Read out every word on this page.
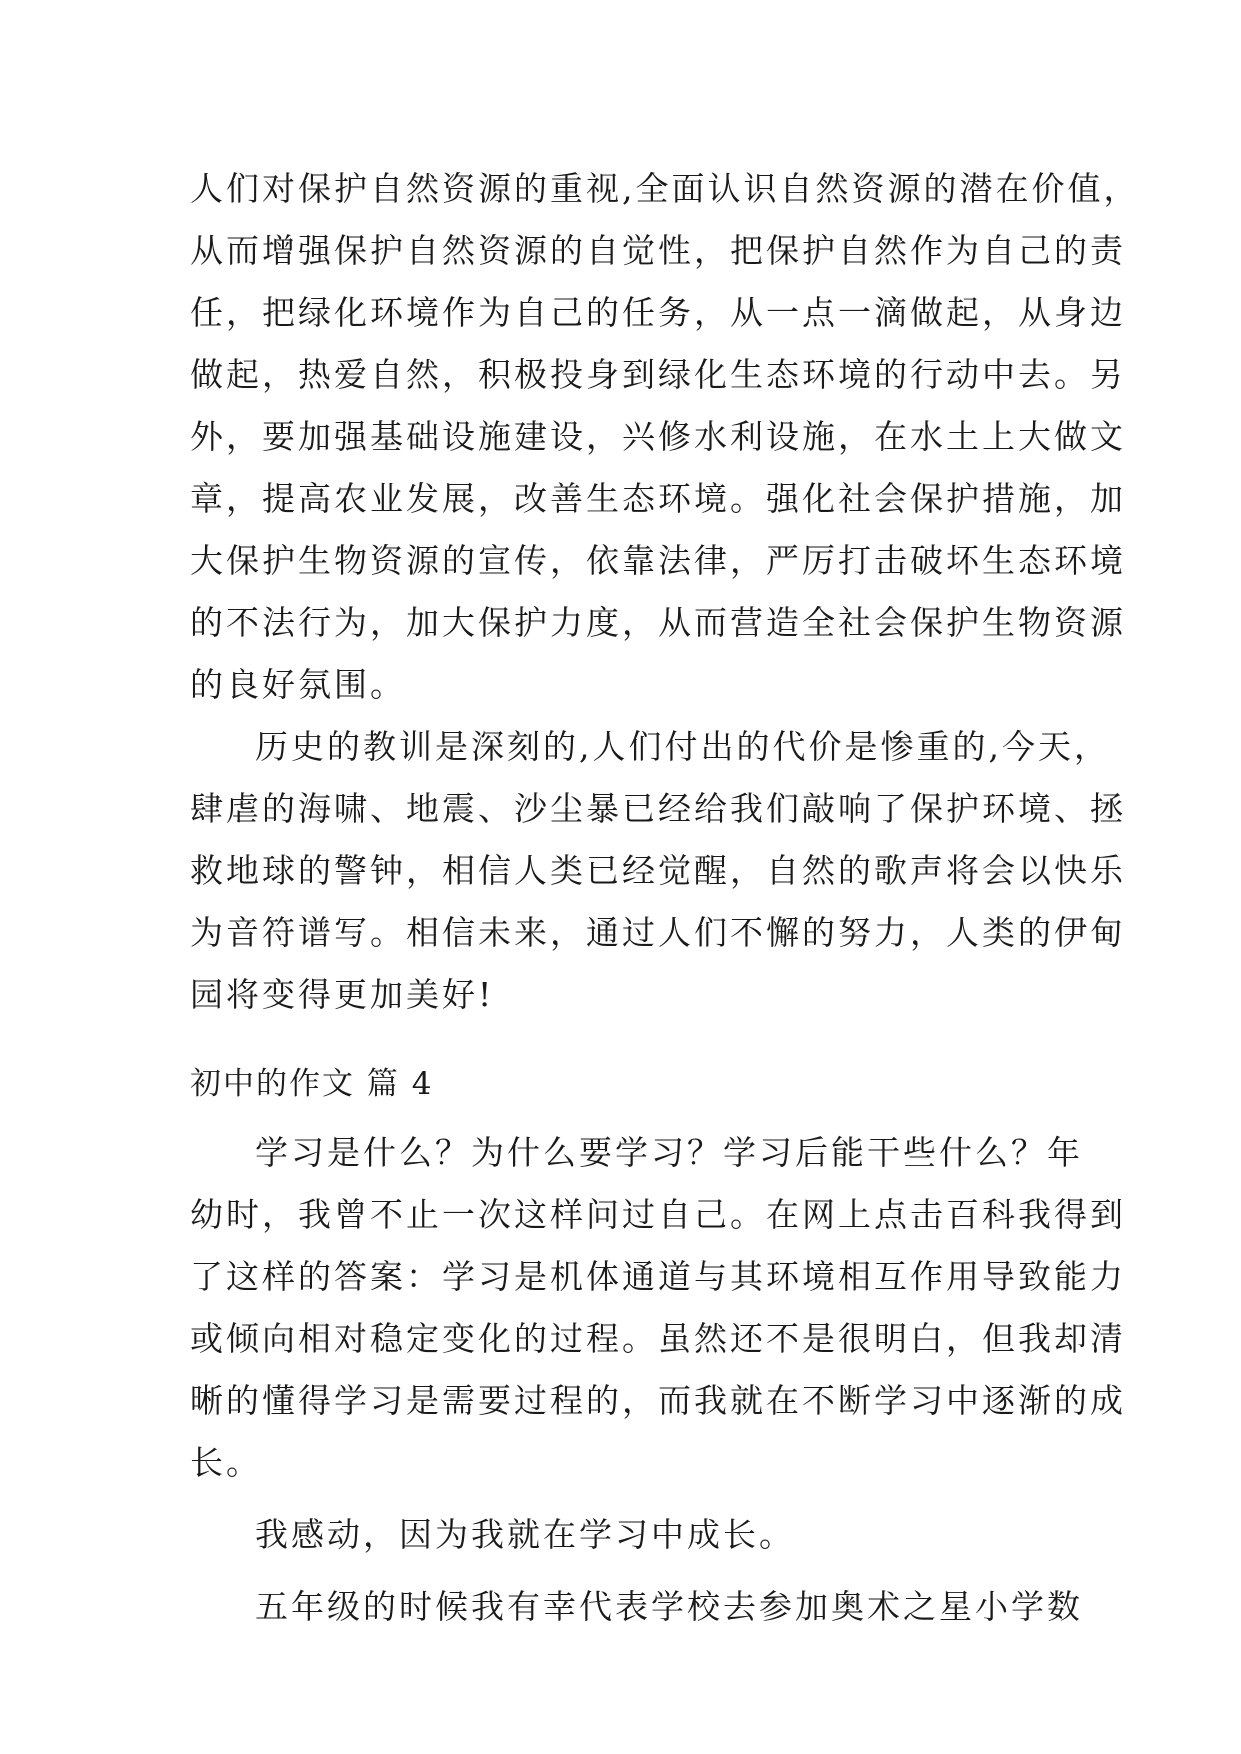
人们对保护自然资源的重视,全面认识自然资源的潜在价值，
从而增强保护自然资源的自觉性，把保护自然作为自己的责
任，把绿化环境作为自己的任务，从一点一滴做起，从身边
做起，热爱自然，积极投身到绿化生态环境的行动中去。另
外，要加强基础设施建设，兴修水利设施，在水土上大做文
章，提高农业发展，改善生态环境。强化社会保护措施，加
大保护生物资源的宣传，依靠法律，严厉打击破坏生态环境
的不法行为，加大保护力度，从而营造全社会保护生物资源
的良好氛围。
历史的教训是深刻的,人们付出的代价是惨重的,今天，
肆虐的海啸、地震、沙尘暴已经给我们敲响了保护环境、拯
救地球的警钟，相信人类已经觉醒，自然的歌声将会以快乐
为音符谱写。相信未来，通过人们不懈的努力，人类的伊甸
园将变得更加美好!
初中的作文 篇 4
学习是什么？为什么要学习？学习后能干些什么？年
幼时，我曾不止一次这样问过自己。在网上点击百科我得到
了这样的答案：学习是机体通道与其环境相互作用导致能力
或倾向相对稳定变化的过程。虽然还不是很明白，但我却清
晰的懂得学习是需要过程的，而我就在不断学习中逐渐的成
长。
我感动，因为我就在学习中成长。
五年级的时候我有幸代表学校去参加奥术之星小学数
